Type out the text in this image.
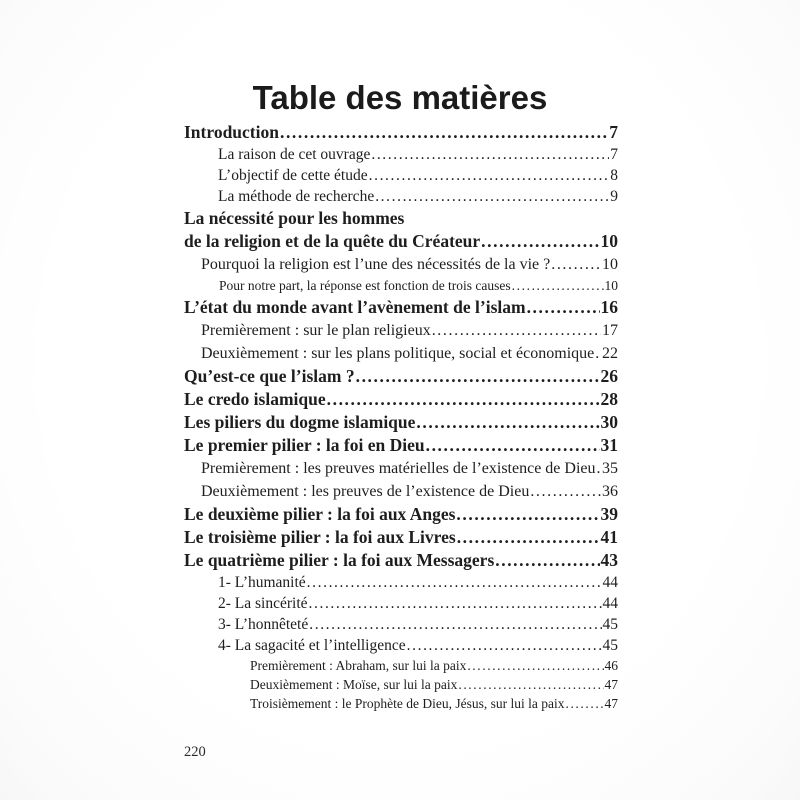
Table des matières
Introduction .....	7
La raison de cet ouvrage .....	7
L’objectif de cette étude .....	8
La méthode de recherche .....	9
La nécessité pour les hommes
de la religion et de la quête du Créateur .....	10
Pourquoi la religion est l’une des nécessités de la vie ? .....	10
Pour notre part, la réponse est fonction de trois causes .....	10
L’état du monde avant l’avènement de l’islam .....	16
Premièrement : sur le plan religieux .....	17
Deuxièmement : sur les plans politique, social et économique ..... 22
Qu’est-ce que l’islam ? .....	26
Le credo islamique .....	28
Les piliers du dogme islamique .....	30
Le premier pilier : la foi en Dieu .....	31
Premièrement : les preuves matérielles de l’existence de Dieu ..... 35
Deuxièmement : les preuves de l’existence de Dieu .....	36
Le deuxième pilier : la foi aux Anges .....	39
Le troisième pilier : la foi aux Livres .....	41
Le quatrième pilier : la foi aux Messagers .....	43
1- L’humanité .....	44
2- La sincérité .....	44
3- L’honnêteté .....	45
4- La sagacité et l’intelligence .....	45
Premièrement : Abraham, sur lui la paix .....	46
Deuxièmement : Moïse, sur lui la paix .....	47
Troisièmement : le Prophète de Dieu, Jésus, sur lui la paix .....	47
220
